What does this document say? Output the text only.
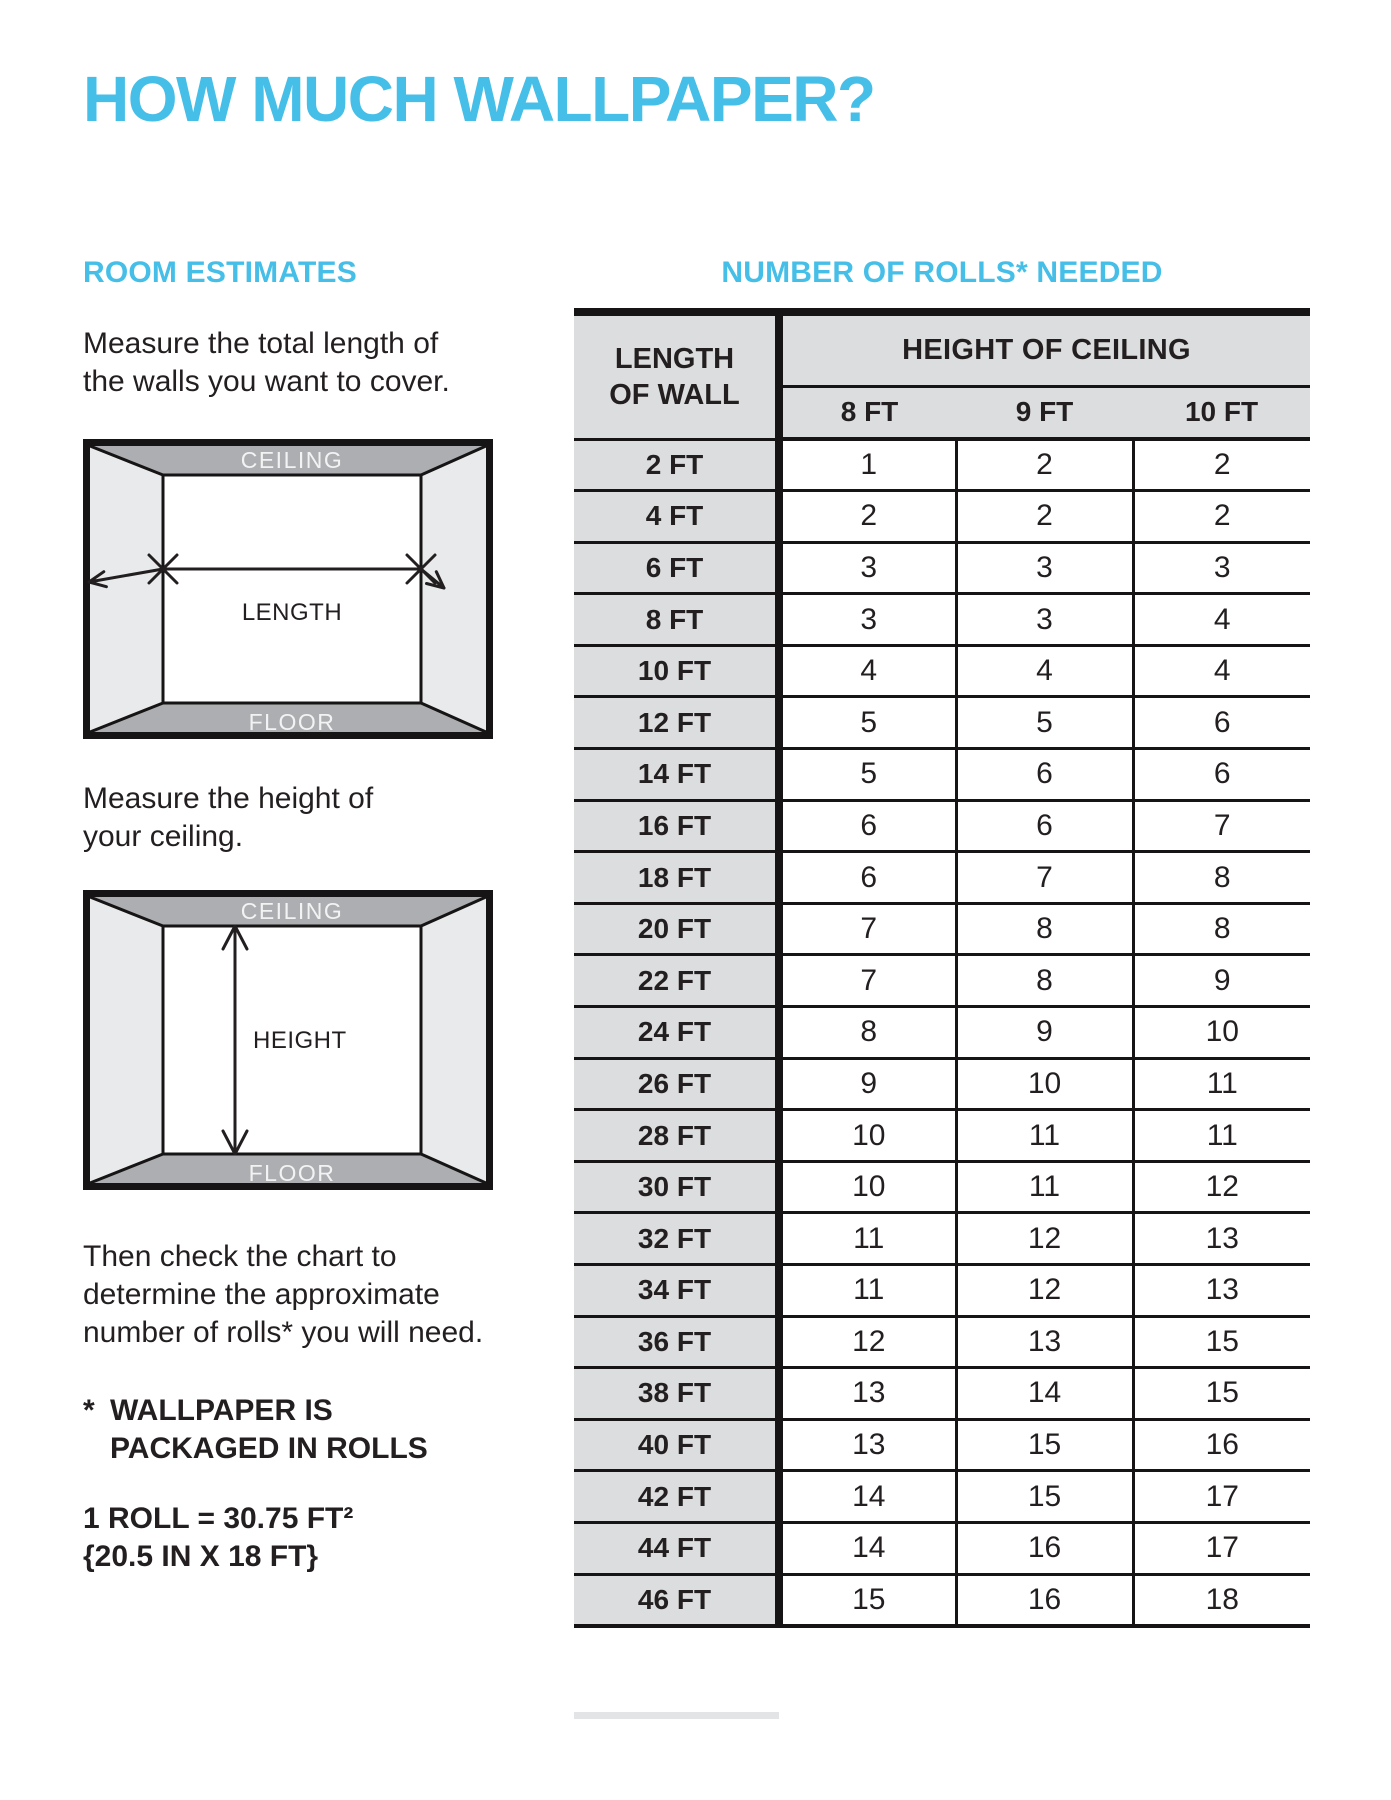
HOW MUCH WALLPAPER?
ROOM ESTIMATES

Measure the total length of
the walls you want to cover.

CEILING
FLOOR
LENGTH

Measure the height of
your ceiling.

CEILING
FLOOR
HEIGHT

Then check the chart to
determine the approximate
number of rolls* you will need.

* WALLPAPER IS
PACKAGED IN ROLLS

1 ROLL = 30.75 FT²
{20.5 IN X 18 FT}

NUMBER OF ROLLS* NEEDED
LENGTH
OF WALL	HEIGHT OF CEILING		
	8 FT	9 FT	10 FT
2 FT	1	2	2
4 FT	2	2	2
6 FT	3	3	3
8 FT	3	3	4
10 FT	4	4	4
12 FT	5	5	6
14 FT	5	6	6
16 FT	6	6	7
18 FT	6	7	8
20 FT	7	8	8
22 FT	7	8	9
24 FT	8	9	10
26 FT	9	10	11
28 FT	10	11	11
30 FT	10	11	12
32 FT	11	12	13
34 FT	11	12	13
36 FT	12	13	15
38 FT	13	14	15
40 FT	13	15	16
42 FT	14	15	17
44 FT	14	16	17
46 FT	15	16	18
